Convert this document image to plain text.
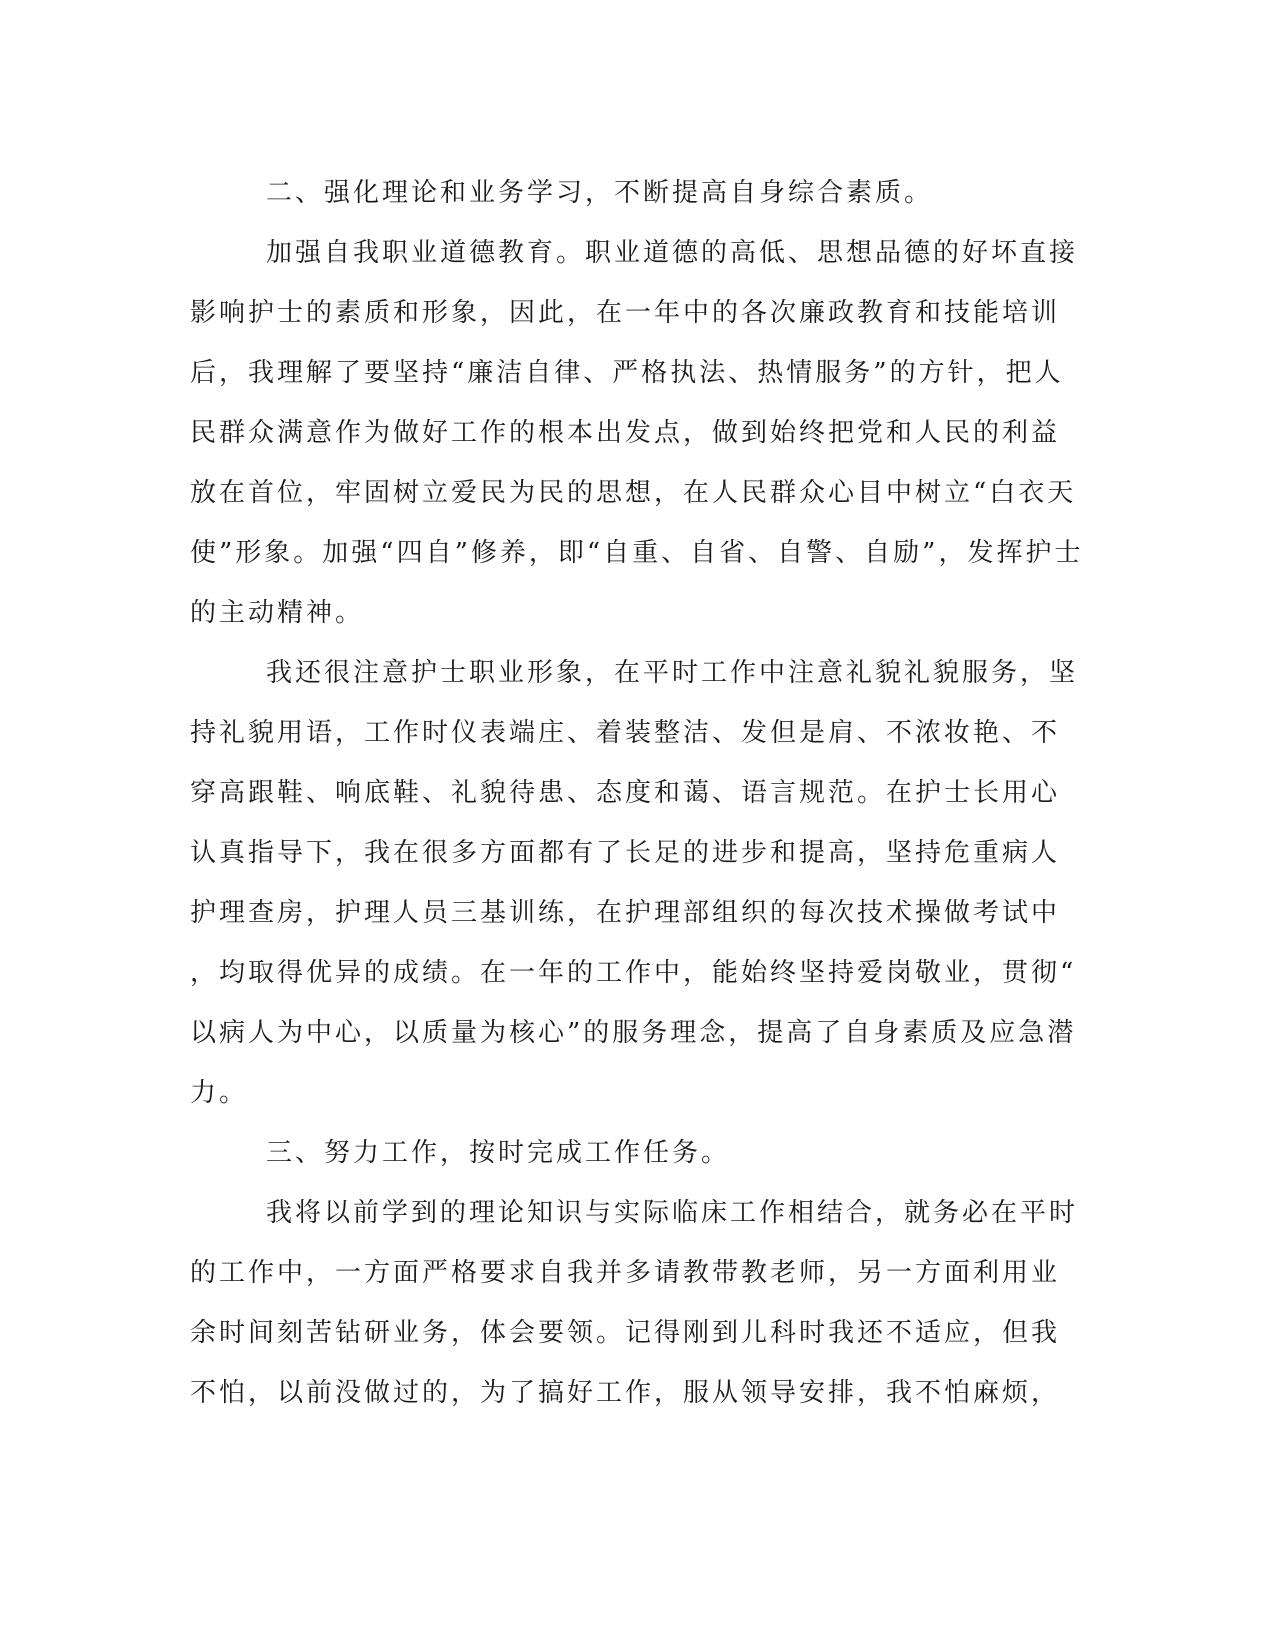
二、强化理论和业务学习，不断提高自身综合素质。
加强自我职业道德教育。职业道德的高低、思想品德的好坏直接
影响护士的素质和形象，因此，在一年中的各次廉政教育和技能培训
后，我理解了要坚持“廉洁自律、严格执法、热情服务”的方针，把人
民群众满意作为做好工作的根本出发点，做到始终把党和人民的利益
放在首位，牢固树立爱民为民的思想，在人民群众心目中树立“白衣天
使”形象。加强“四自”修养，即“自重、自省、自警、自励”，发挥护士
的主动精神。
我还很注意护士职业形象，在平时工作中注意礼貌礼貌服务，坚
持礼貌用语，工作时仪表端庄、着装整洁、发但是肩、不浓妆艳、不
穿高跟鞋、响底鞋、礼貌待患、态度和蔼、语言规范。在护士长用心
认真指导下，我在很多方面都有了长足的进步和提高，坚持危重病人
护理查房，护理人员三基训练，在护理部组织的每次技术操做考试中
，均取得优异的成绩。在一年的工作中，能始终坚持爱岗敬业，贯彻“
以病人为中心，以质量为核心”的服务理念，提高了自身素质及应急潜
力。
三、努力工作，按时完成工作任务。
我将以前学到的理论知识与实际临床工作相结合，就务必在平时
的工作中，一方面严格要求自我并多请教带教老师，另一方面利用业
余时间刻苦钻研业务，体会要领。记得刚到儿科时我还不适应，但我
不怕，以前没做过的，为了搞好工作，服从领导安排，我不怕麻烦，
